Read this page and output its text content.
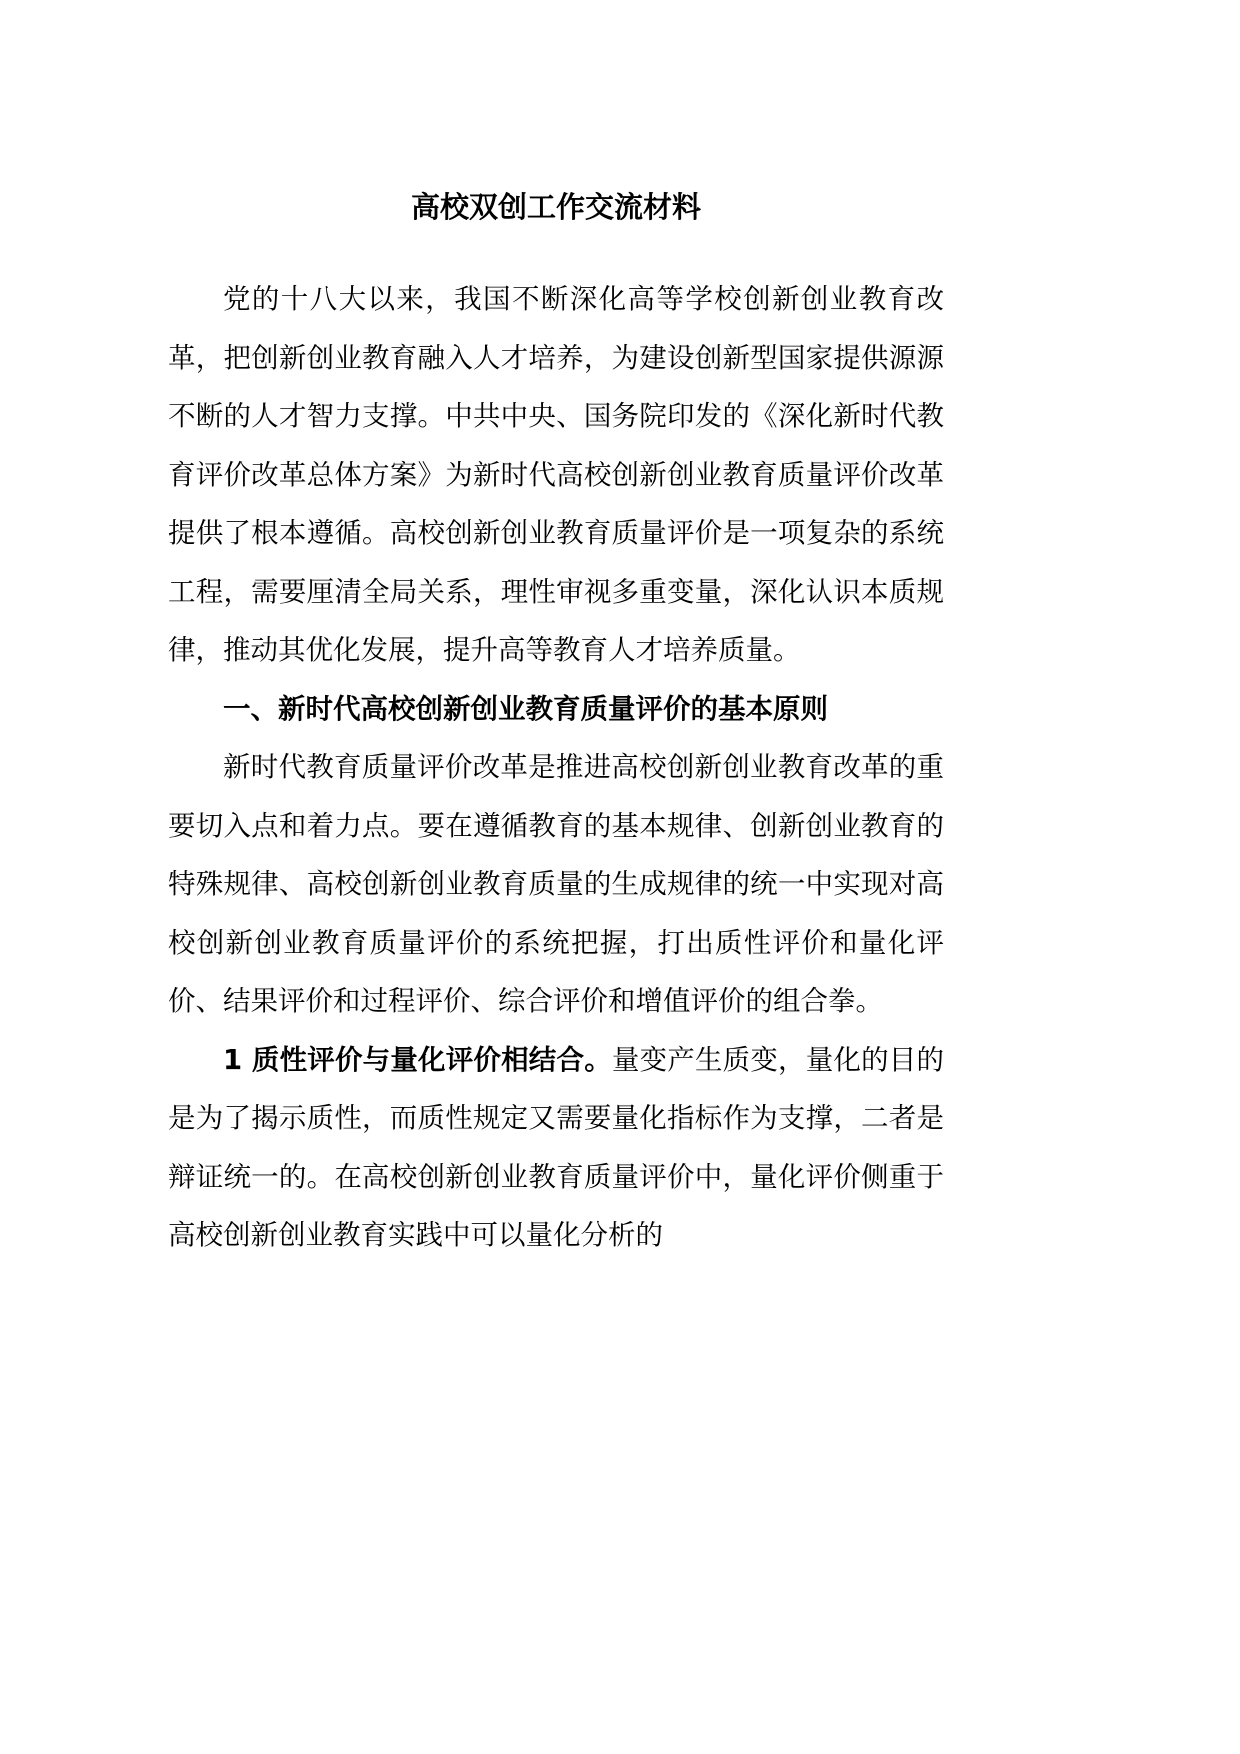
高校双创工作交流材料

党的十八大以来，我国不断深化高等学校创新创业教育改革，把创新创业教育融入人才培养，为建设创新型国家提供源源不断的人才智力支撑。中共中央、国务院印发的《深化新时代教育评价改革总体方案》为新时代高校创新创业教育质量评价改革提供了根本遵循。高校创新创业教育质量评价是一项复杂的系统工程，需要厘清全局关系，理性审视多重变量，深化认识本质规律，推动其优化发展，提升高等教育人才培养质量。

一、新时代高校创新创业教育质量评价的基本原则

新时代教育质量评价改革是推进高校创新创业教育改革的重要切入点和着力点。要在遵循教育的基本规律、创新创业教育的特殊规律、高校创新创业教育质量的生成规律的统一中实现对高校创新创业教育质量评价的系统把握，打出质性评价和量化评价、结果评价和过程评价、综合评价和增值评价的组合拳。

1 质性评价与量化评价相结合。量变产生质变，量化的目的是为了揭示质性，而质性规定又需要量化指标作为支撑，二者是辩证统一的。在高校创新创业教育质量评价中，量化评价侧重于高校创新创业教育实践中可以量化分析的
